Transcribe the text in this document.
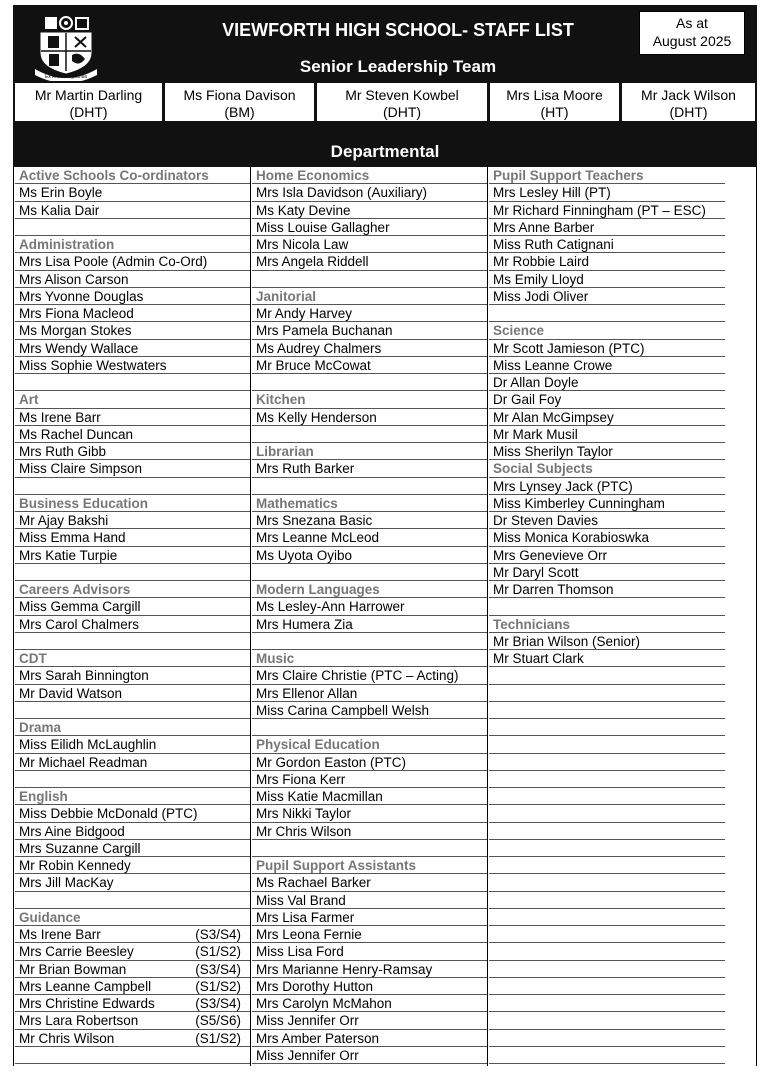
Ex Ardua Vigilantia
VIEWFORTH HIGH SCHOOL- STAFF LIST	As at
August 2025
Senior Leadership Team
Mr Martin Darling
(DHT)
Ms Fiona Davison
(BM)
Mr Steven Kowbel
(DHT)
Mrs Lisa Moore
(HT)
Mr Jack Wilson
(DHT)
Departmental
Active Schools Co-ordinators
Ms Erin Boyle
Ms Kalia Dair
Administration
Mrs Lisa Poole (Admin Co-Ord)
Mrs Alison Carson
Mrs Yvonne Douglas
Mrs Fiona Macleod
Ms Morgan Stokes
Mrs Wendy Wallace
Miss Sophie Westwaters
Art
Ms Irene Barr
Ms Rachel Duncan
Mrs Ruth Gibb
Miss Claire Simpson
Business Education
Mr Ajay Bakshi
Miss Emma Hand
Mrs Katie Turpie
Careers Advisors
Miss Gemma Cargill
Mrs Carol Chalmers
CDT
Mrs Sarah Binnington
Mr David Watson
Drama
Miss Eilidh McLaughlin
Mr Michael Readman
English
Miss Debbie McDonald (PTC)
Mrs Aine Bidgood
Mrs Suzanne Cargill
Mr Robin Kennedy
Mrs Jill MacKay
Guidance
Ms Irene Barr	(S3/S4)
Mrs Carrie Beesley	(S1/S2)
Mr Brian Bowman	(S3/S4)
Mrs Leanne Campbell	(S1/S2)
Mrs Christine Edwards	(S3/S4)
Mrs Lara Robertson	(S5/S6)
Mr Chris Wilson	(S1/S2)
Home Economics
Mrs Isla Davidson (Auxiliary)
Ms Katy Devine
Miss Louise Gallagher
Mrs Nicola Law
Mrs Angela Riddell
Janitorial
Mr Andy Harvey
Mrs Pamela Buchanan
Ms Audrey Chalmers
Mr Bruce McCowat
Kitchen
Ms Kelly Henderson
Librarian
Mrs Ruth Barker
Mathematics
Mrs Snezana Basic
Mrs Leanne McLeod
Ms Uyota Oyibo
Modern Languages
Ms Lesley-Ann Harrower
Mrs Humera Zia
Music
Mrs Claire Christie (PTC – Acting)
Mrs Ellenor Allan
Miss Carina Campbell Welsh
Physical Education
Mr Gordon Easton (PTC)
Mrs Fiona Kerr
Miss Katie Macmillan
Mrs Nikki Taylor
Mr Chris Wilson
Pupil Support Assistants
Ms Rachael Barker
Miss Val Brand
Mrs Lisa Farmer
Mrs Leona Fernie
Miss Lisa Ford
Mrs Marianne Henry-Ramsay
Mrs Dorothy Hutton
Mrs Carolyn McMahon
Miss Jennifer Orr
Mrs Amber Paterson
Miss Jennifer Orr
Pupil Support Teachers
Mrs Lesley Hill (PT)
Mr Richard Finningham (PT – ESC)
Mrs Anne Barber
Miss Ruth Catignani
Mr Robbie Laird
Ms Emily Lloyd
Miss Jodi Oliver
Science
Mr Scott Jamieson (PTC)
Miss Leanne Crowe
Dr Allan Doyle
Dr Gail Foy
Mr Alan McGimpsey
Mr Mark Musil
Miss Sherilyn Taylor
Social Subjects
Mrs Lynsey Jack (PTC)
Miss Kimberley Cunningham
Dr Steven Davies
Miss Monica Korabioswka
Mrs Genevieve Orr
Mr Daryl Scott
Mr Darren Thomson
Technicians
Mr Brian Wilson (Senior)
Mr Stuart Clark
